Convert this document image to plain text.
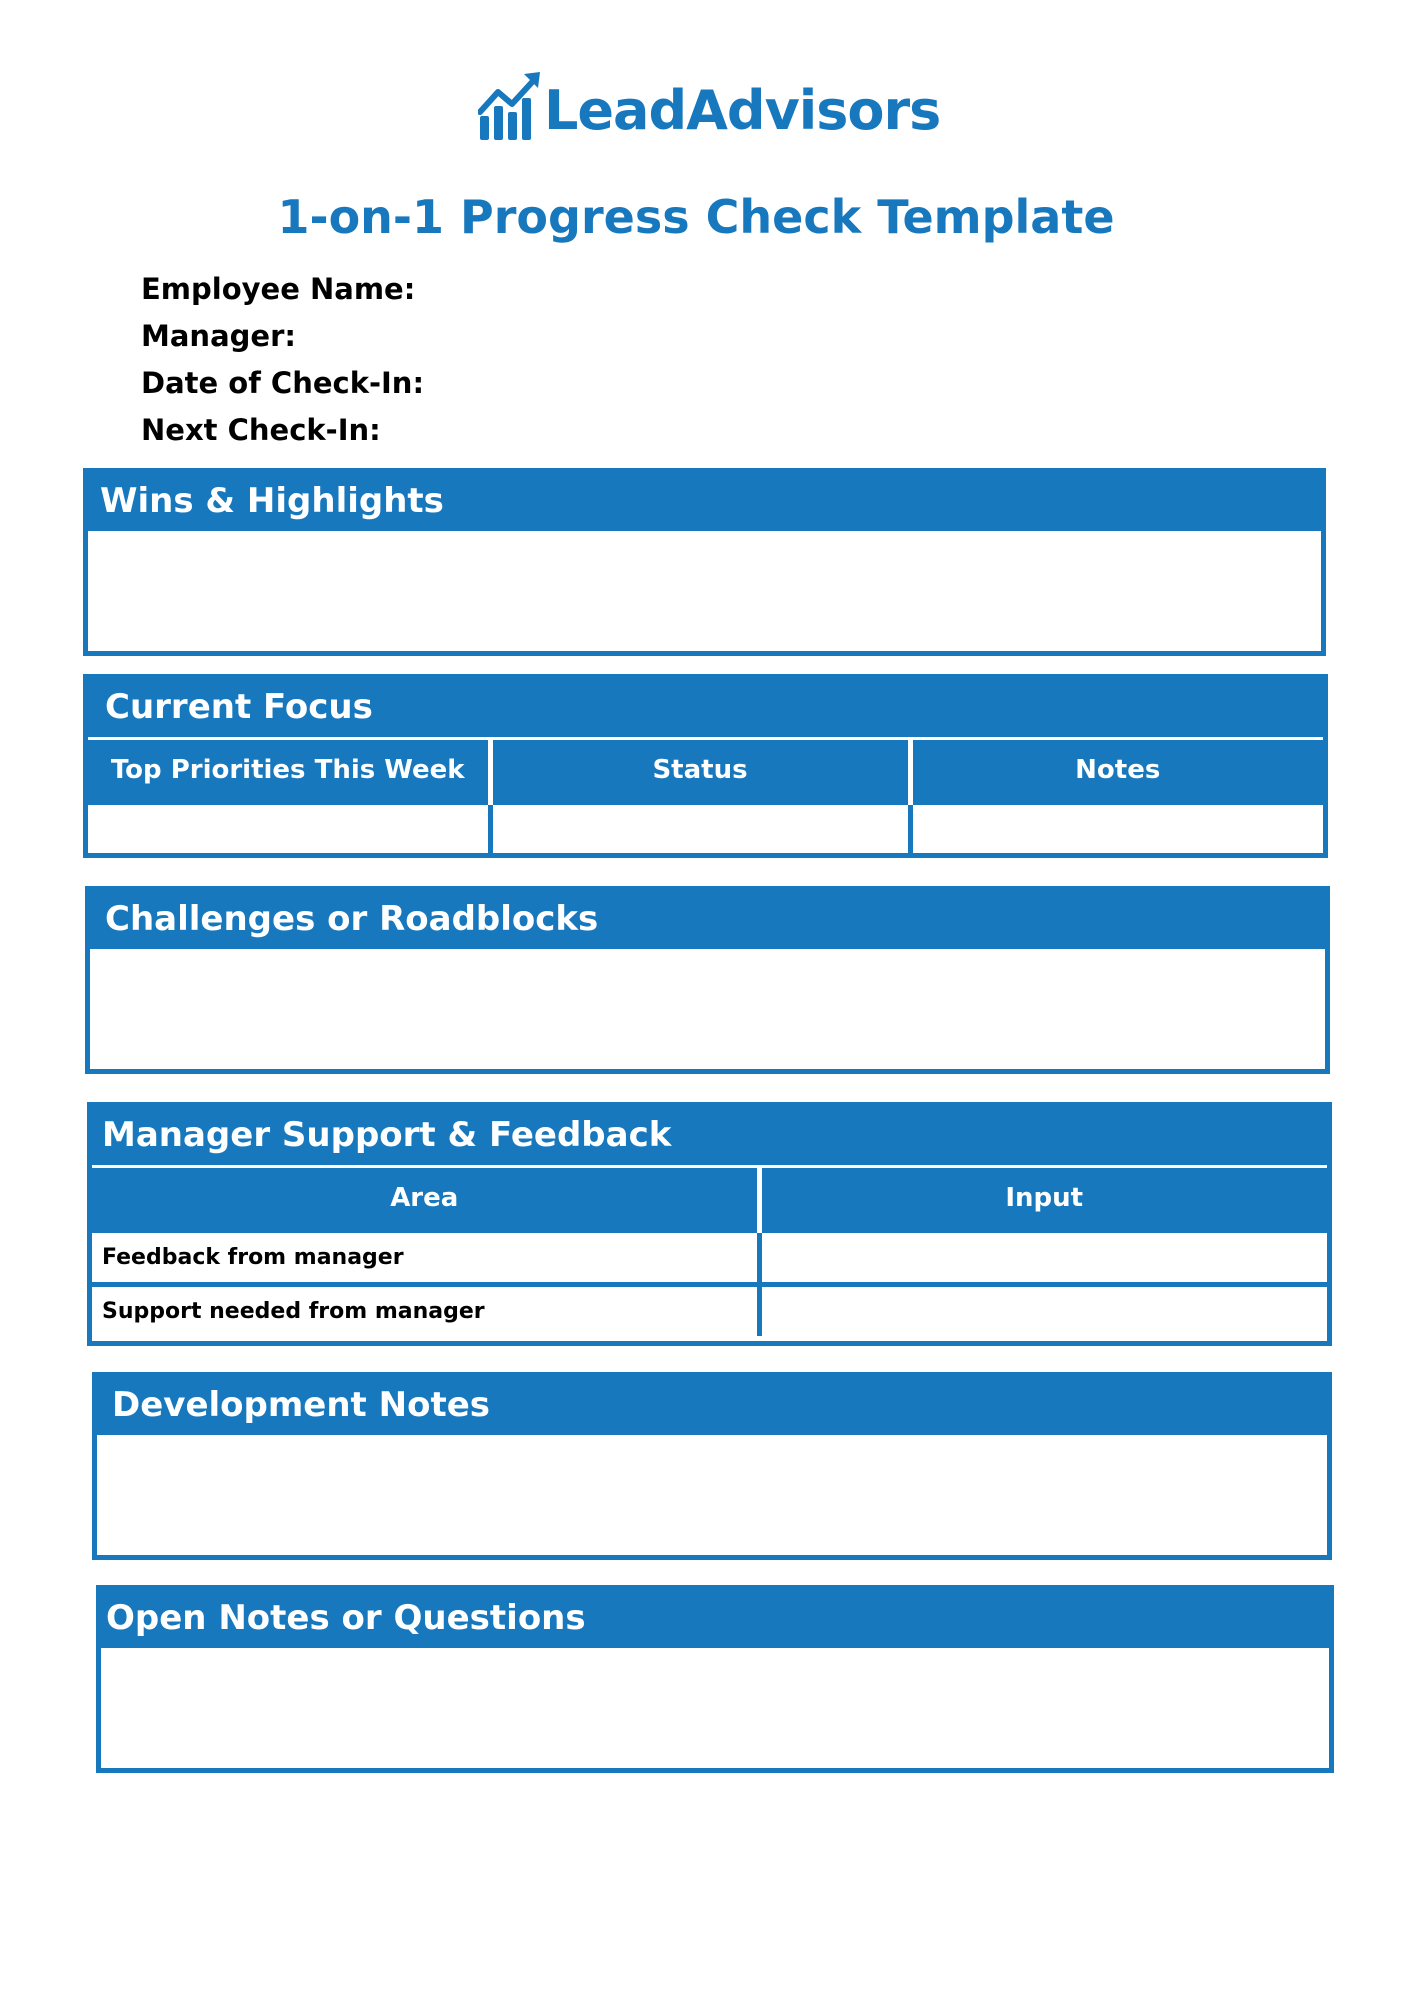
LeadAdvisors
1-on-1 Progress Check Template
Employee Name:
Manager:
Date of Check-In:
Next Check-In:
Wins & Highlights
Current Focus
Top Priorities This Week	Status	Notes

Challenges or Roadblocks
Manager Support & Feedback
Area	Input
Feedback from manager	
Support needed from manager	
Development Notes
Open Notes or Questions
